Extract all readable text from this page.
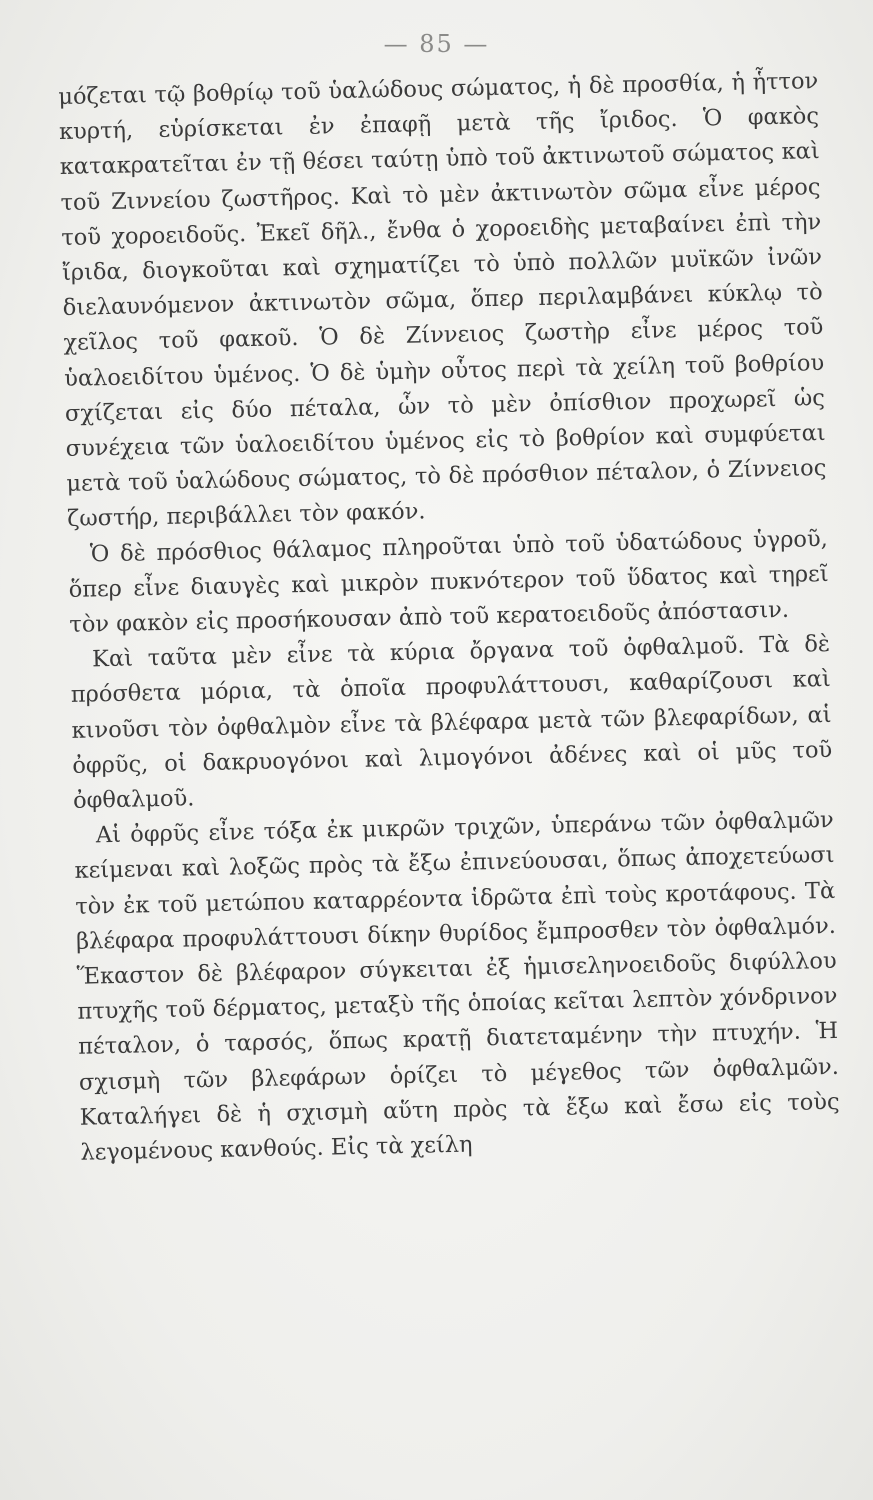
— 85 —

μόζεται τῷ βοθρίῳ τοῦ ὑαλώδους σώματος, ἡ δὲ προσθία, ἡ ἧττον κυρτή, εὑρίσκεται ἐν ἐπαφῇ μετὰ τῆς ἴριδος. Ὁ φακὸς κατακρατεῖται ἐν τῇ θέσει ταύτῃ ὑπὸ τοῦ ἀκτινωτοῦ σώματος καὶ τοῦ Ζιννείου ζωστῆρος. Καὶ τὸ μὲν ἀκτινωτὸν σῶμα εἶνε μέρος τοῦ χοροειδοῦς. Ἐκεῖ δῆλ., ἔνθα ὁ χοροειδὴς μεταβαίνει ἐπὶ τὴν ἴριδα, διογκοῦται καὶ σχηματίζει τὸ ὑπὸ πολλῶν μυϊκῶν ἰνῶν διελαυνόμενον ἀκτινωτὸν σῶμα, ὅπερ περιλαμβάνει κύκλῳ τὸ χεῖλος τοῦ φακοῦ. Ὁ δὲ Ζίννειος ζωστὴρ εἶνε μέρος τοῦ ὑαλοειδίτου ὑμένος. Ὁ δὲ ὑμὴν οὗτος περὶ τὰ χείλη τοῦ βοθρίου σχίζεται εἰς δύο πέταλα, ὧν τὸ μὲν ὀπίσθιον προχωρεῖ ὡς συνέχεια τῶν ὑαλοειδίτου ὑμένος εἰς τὸ βοθρίον καὶ συμφύεται μετὰ τοῦ ὑαλώδους σώματος, τὸ δὲ πρόσθιον πέταλον, ὁ Ζίννειος ζωστήρ, περιβάλλει τὸν φακόν.

Ὁ δὲ πρόσθιος θάλαμος πληροῦται ὑπὸ τοῦ ὑδατώδους ὑγροῦ, ὅπερ εἶνε διαυγὲς καὶ μικρὸν πυκνότερον τοῦ ὕδατος καὶ τηρεῖ τὸν φακὸν εἰς προσήκουσαν ἀπὸ τοῦ κερατοειδοῦς ἀπόστασιν.

Καὶ ταῦτα μὲν εἶνε τὰ κύρια ὄργανα τοῦ ὀφθαλμοῦ. Τὰ δὲ πρόσθετα μόρια, τὰ ὁποῖα προφυλάττουσι, καθαρίζουσι καὶ κινοῦσι τὸν ὀφθαλμὸν εἶνε τὰ βλέφαρα μετὰ τῶν βλεφαρίδων, αἱ ὀφρῦς, οἱ δακρυογόνοι καὶ λιμογόνοι ἀδένες καὶ οἱ μῦς τοῦ ὀφθαλμοῦ.

Αἱ ὀφρῦς εἶνε τόξα ἐκ μικρῶν τριχῶν, ὑπεράνω τῶν ὀφθαλμῶν κείμεναι καὶ λοξῶς πρὸς τὰ ἔξω ἐπινεύουσαι, ὅπως ἀποχετεύωσι τὸν ἐκ τοῦ μετώπου καταρρέοντα ἱδρῶτα ἐπὶ τοὺς κροτάφους. Τὰ βλέφαρα προφυλάττουσι δίκην θυρίδος ἔμπροσθεν τὸν ὀφθαλμόν. Ἕκαστον δὲ βλέφαρον σύγκειται ἐξ ἡμισεληνοειδοῦς διφύλλου πτυχῆς τοῦ δέρματος, μεταξὺ τῆς ὁποίας κεῖται λεπτὸν χόνδρινον πέταλον, ὁ ταρσός, ὅπως κρατῇ διατεταμένην τὴν πτυχήν. Ἡ σχισμὴ τῶν βλεφάρων ὁρίζει τὸ μέγεθος τῶν ὀφθαλμῶν. Καταλήγει δὲ ἡ σχισμὴ αὕτη πρὸς τὰ ἔξω καὶ ἔσω εἰς τοὺς λεγομένους κανθούς. Εἰς τὰ χείλη
